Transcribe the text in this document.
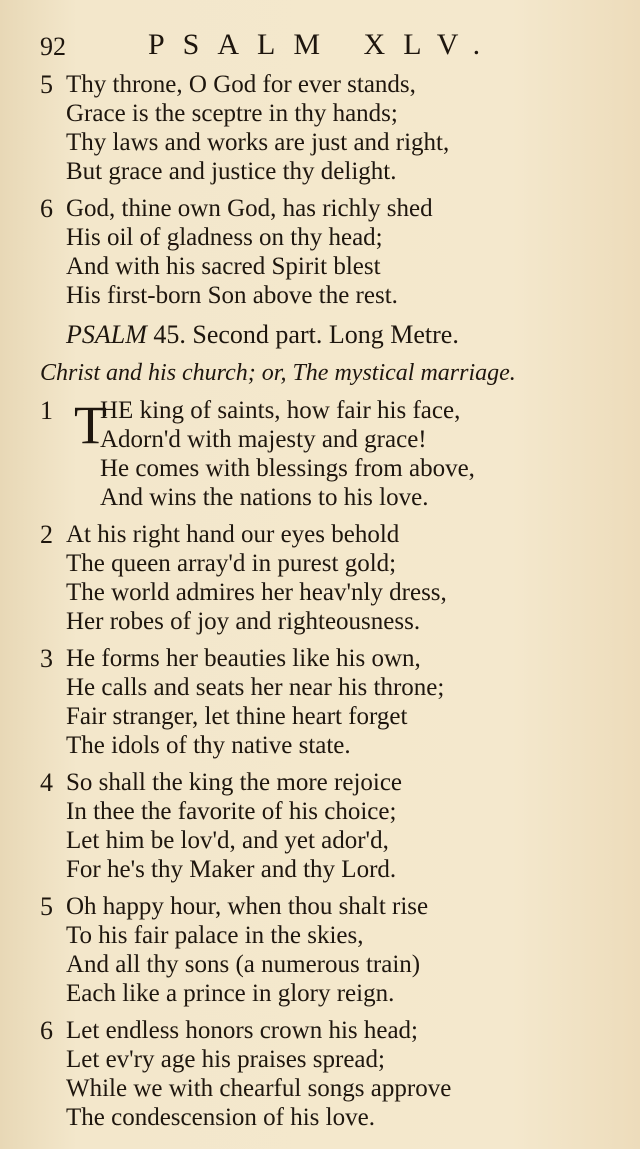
92	PSALM XLV.
5 Thy throne, O God for ever stands,
Grace is the sceptre in thy hands;
Thy laws and works are just and right,
But grace and justice thy delight.
6 God, thine own God, has richly shed
His oil of gladness on thy head;
And with his sacred Spirit blest
His first-born Son above the rest.
PSALM 45. Second part. Long Metre.
Christ and his church; or, The mystical marriage.
1 T
HE king of saints, how fair his face,
Adorn'd with majesty and grace!
He comes with blessings from above,
And wins the nations to his love.
2 At his right hand our eyes behold
The queen array'd in purest gold;
The world admires her heav'nly dress,
Her robes of joy and righteousness.
3 He forms her beauties like his own,
He calls and seats her near his throne;
Fair stranger, let thine heart forget
The idols of thy native state.
4 So shall the king the more rejoice
In thee the favorite of his choice;
Let him be lov'd, and yet ador'd,
For he's thy Maker and thy Lord.
5 Oh happy hour, when thou shalt rise
To his fair palace in the skies,
And all thy sons (a numerous train)
Each like a prince in glory reign.
6 Let endless honors crown his head;
Let ev'ry age his praises spread;
While we with chearful songs approve
The condescension of his love.
